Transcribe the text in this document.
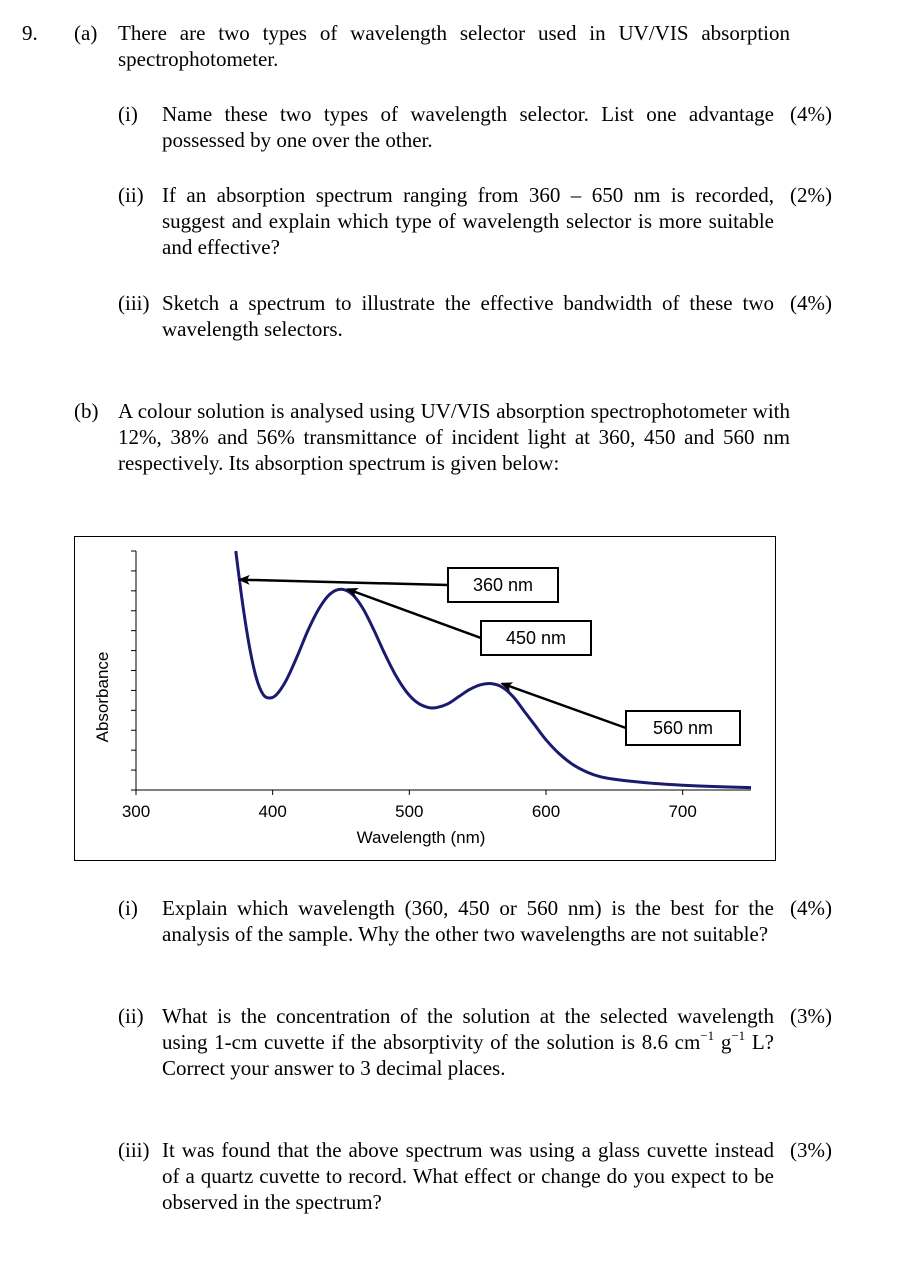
9. (a) There are two types of wavelength selector used in UV/VIS absorption spectrophotometer.
(i) Name these two types of wavelength selector. List one advantage possessed by one over the other.
(4%)
(ii) If an absorption spectrum ranging from 360 – 650 nm is recorded, suggest and explain which type of wavelength selector is more suitable and effective?
(2%)
(iii) Sketch a spectrum to illustrate the effective bandwidth of these two wavelength selectors.
(4%)
(b) A colour solution is analysed using UV/VIS absorption spectrophotometer with 12%, 38% and 56% transmittance of incident light at 360, 450 and 560 nm respectively. Its absorption spectrum is given below:
300	400	500	600	700
360 nm
450 nm
560 nm
Wavelength (nm)
Absorbance
(i) Explain which wavelength (360, 450 or 560 nm) is the best for the analysis of the sample. Why the other two wavelengths are not suitable?
(4%)
(ii) What is the concentration of the solution at the selected wavelength using 1-cm cuvette if the absorptivity of the solution is 8.6 $cm^{-1}$ $g^{-1}$ L? Correct your answer to 3 decimal places.
(3%)
(iii) It was found that the above spectrum was using a glass cuvette instead of a quartz cuvette to record. What effect or change do you expect to be observed in the spectrum?
(3%)
